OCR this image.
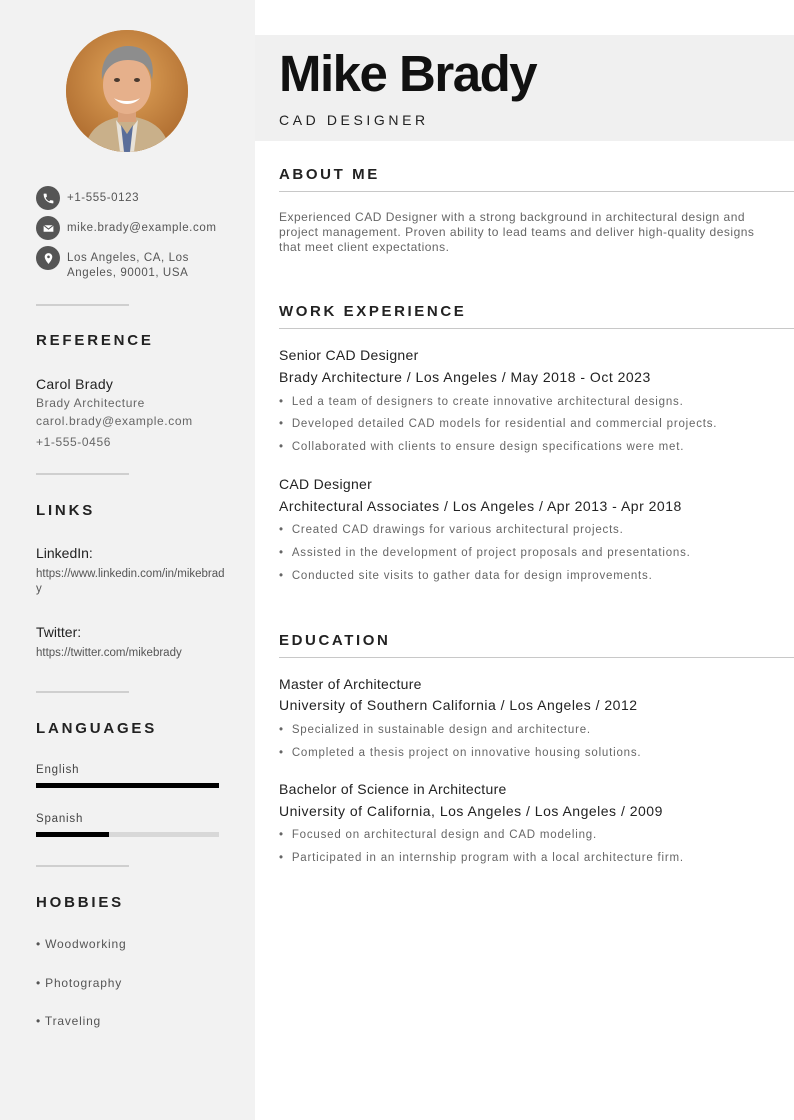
Mike Brady
CAD DESIGNER
+1-555-0123
mike.brady@example.com
Los Angeles, CA, Los
Angeles, 90001, USA
REFERENCE
Carol Brady
Brady Architecture
carol.brady@example.com
+1-555-0456
LINKS
LinkedIn:
https://www.linkedin.com/in/mikebrady
Twitter:
https://twitter.com/mikebrady
LANGUAGES
English
Spanish
HOBBIES
• Woodworking
• Photography
• Traveling
ABOUT ME

Experienced CAD Designer with a strong background in architectural design and project management. Proven ability to lead teams and deliver high-quality designs that meet client expectations.

WORK EXPERIENCE
Senior CAD Designer
Brady Architecture / Los Angeles / May 2018 - Oct 2023
• Led a team of designers to create innovative architectural designs.
• Developed detailed CAD models for residential and commercial projects.
• Collaborated with clients to ensure design specifications were met.
CAD Designer
Architectural Associates / Los Angeles / Apr 2013 - Apr 2018
• Created CAD drawings for various architectural projects.
• Assisted in the development of project proposals and presentations.
• Conducted site visits to gather data for design improvements.
EDUCATION
Master of Architecture
University of Southern California / Los Angeles / 2012
• Specialized in sustainable design and architecture.
• Completed a thesis project on innovative housing solutions.
Bachelor of Science in Architecture
University of California, Los Angeles / Los Angeles / 2009
• Focused on architectural design and CAD modeling.
• Participated in an internship program with a local architecture firm.
